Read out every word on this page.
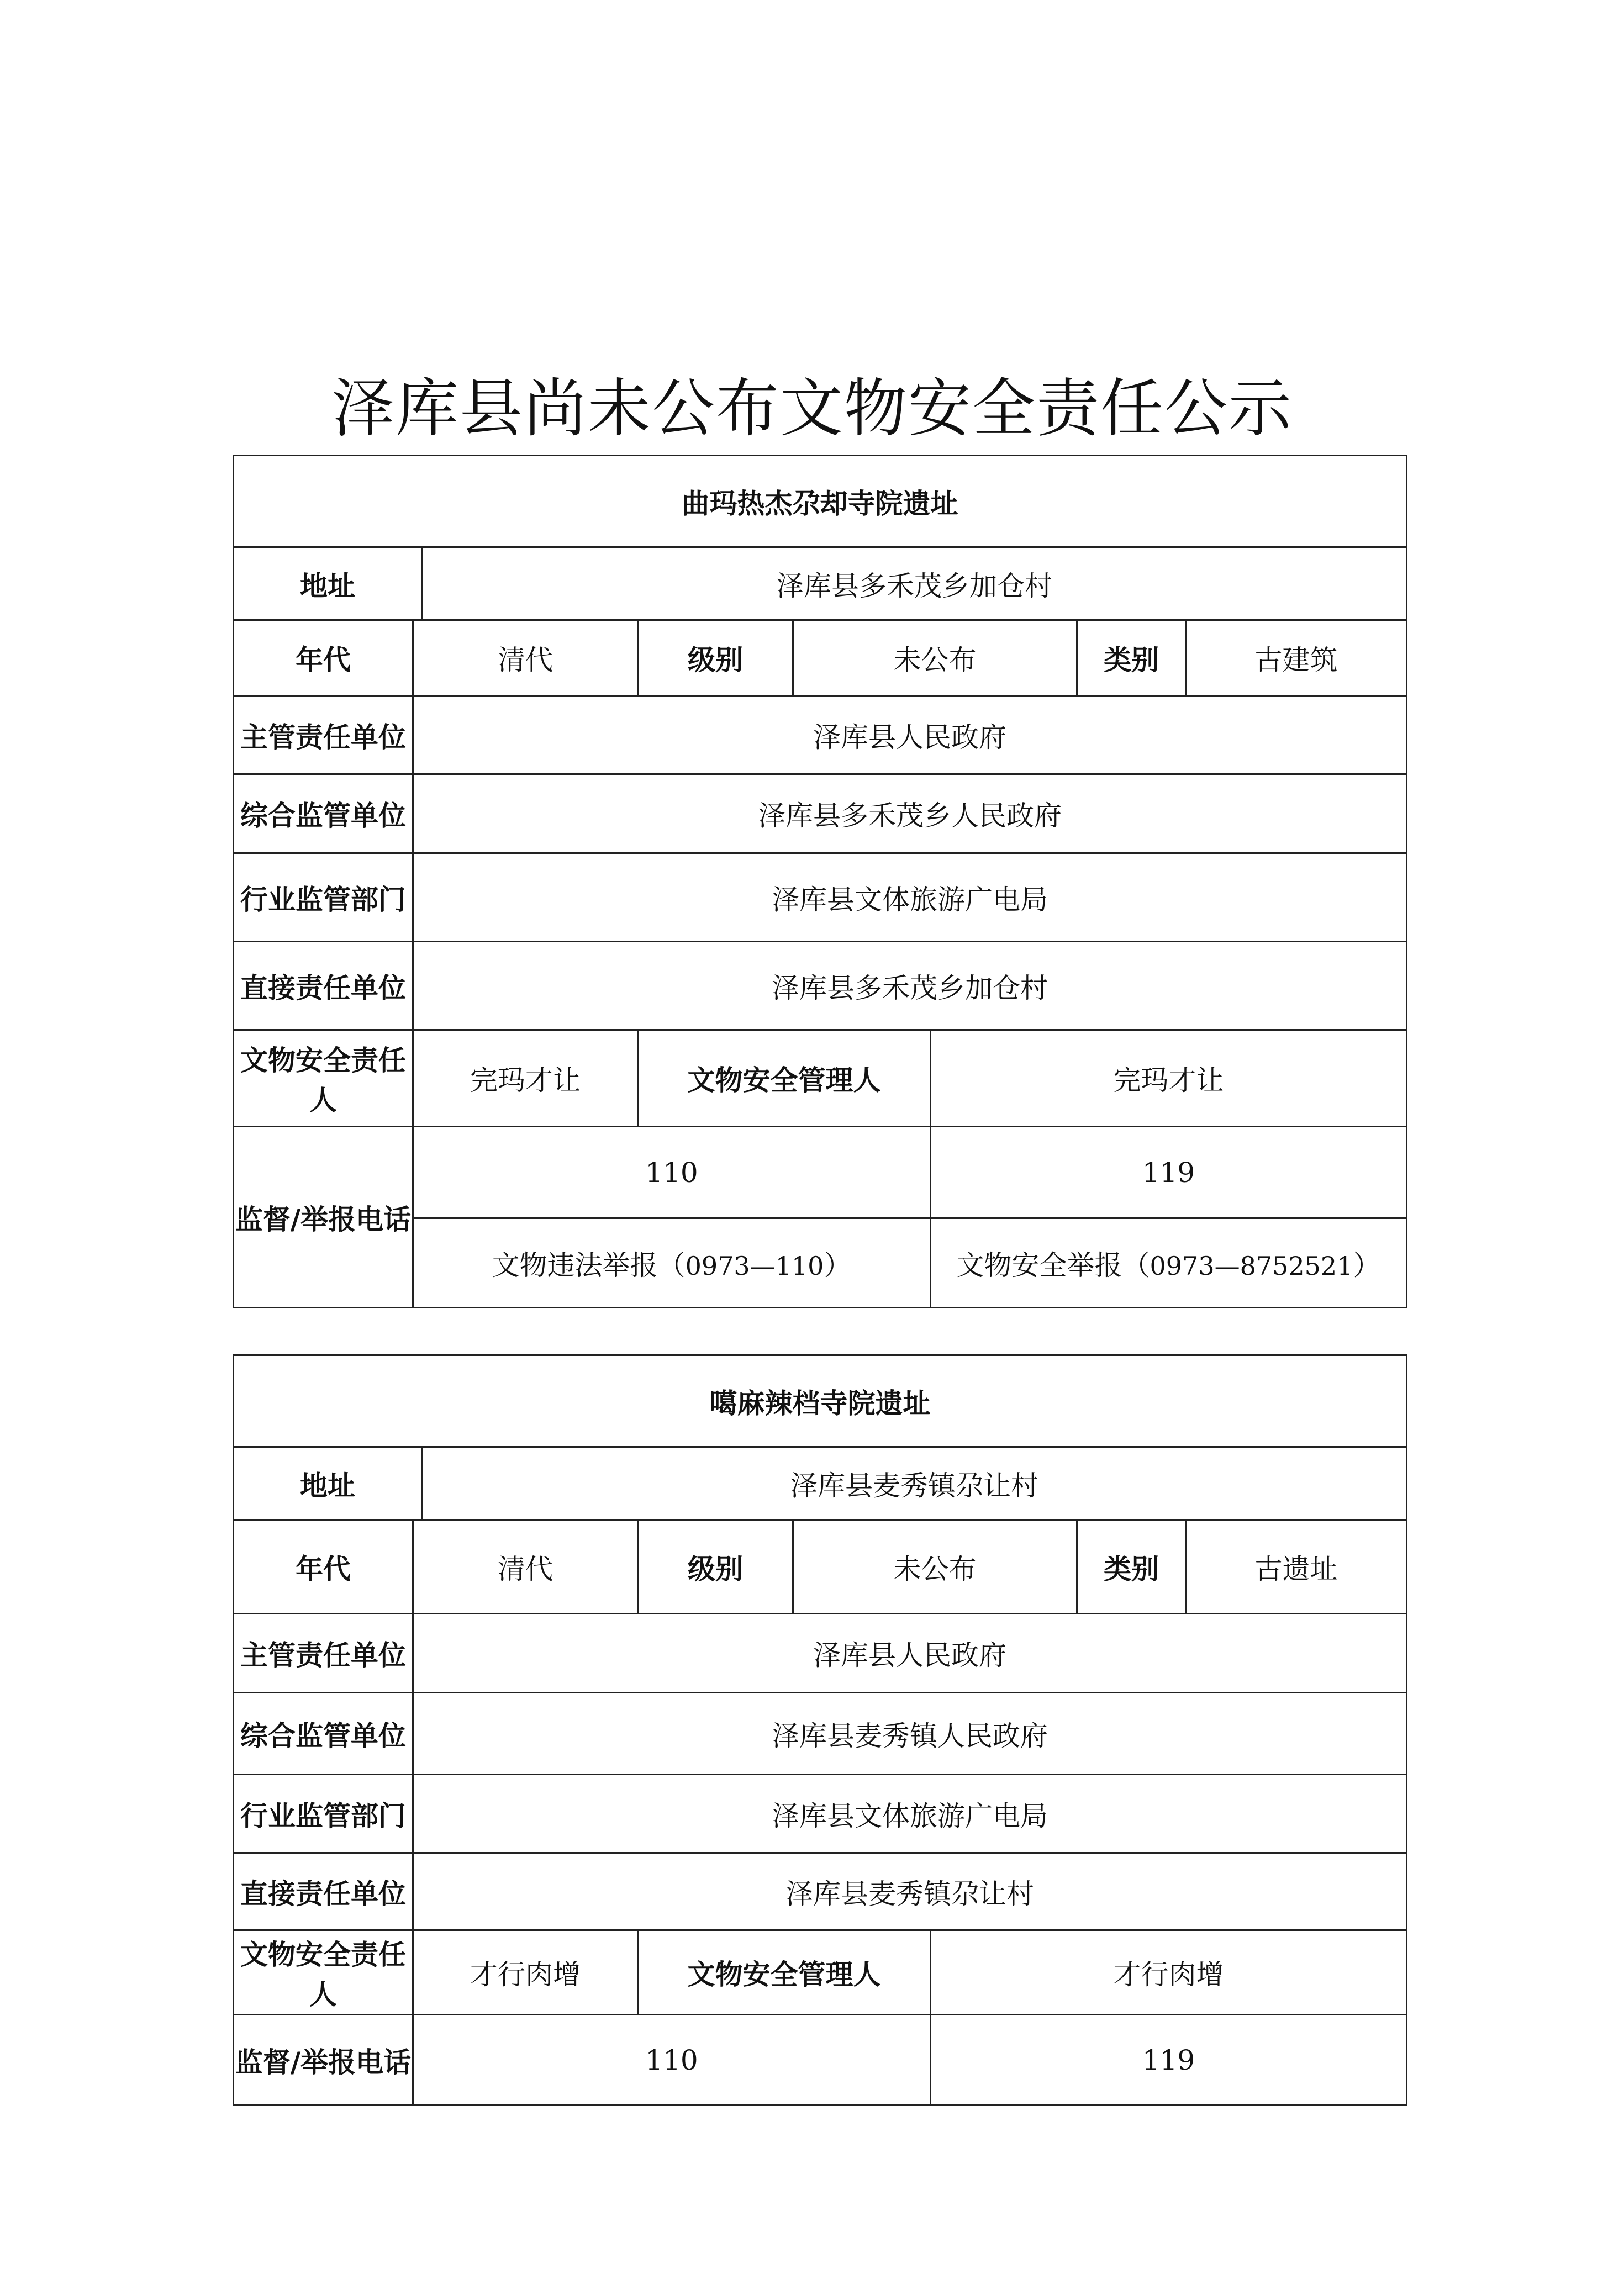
泽库县尚未公布文物安全责任公示
曲玛热杰尕却寺院遗址							
地址		泽库县多禾茂乡加仓村					
年代	清代		级别	未公布		类别	古建筑
主管责任单位	泽库县人民政府						
综合监管单位	泽库县多禾茂乡人民政府						
行业监管部门	泽库县文体旅游广电局						
直接责任单位	泽库县多禾茂乡加仓村						
文物安全责任人	完玛才让		文物安全管理人		完玛才让		
监督/举报电话	110				119		
	文物违法举报（0973—110）				文物安全举报（0973—8752521）		
噶麻辣档寺院遗址							
地址		泽库县麦秀镇尕让村					
年代	清代		级别	未公布		类别	古遗址
主管责任单位	泽库县人民政府						
综合监管单位	泽库县麦秀镇人民政府						
行业监管部门	泽库县文体旅游广电局						
直接责任单位	泽库县麦秀镇尕让村						
文物安全责任人	才行肉增		文物安全管理人		才行肉增		
监督/举报电话	110				119		
